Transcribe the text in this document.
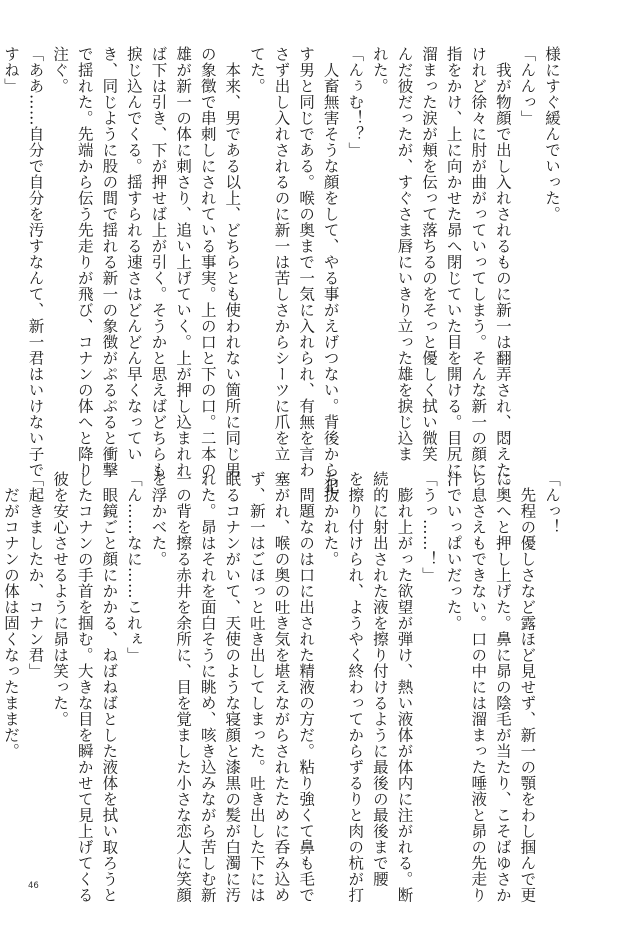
様にすぐ緩んでいった。
「んんっ」
　我が物顔で出し入れされるものに新一は翻弄され、悶えた。
けれど徐々に肘が曲がっていってしまう。そんな新一の顔に
指をかけ、上に向かせた昴へ閉じていた目を開ける。目尻に
溜まった涙が頬を伝って落ちるのをそっと優しく拭い微笑
んだ彼だったが、すぐさま唇にいきり立った雄を捩じ込ま
れた。
「んぅむ！？」
　人畜無害そうな顔をして、やる事がえげつない。背後から犯
す男と同じである。喉の奥まで一気に入れられ、有無を言わ
さず出し入れされるのに新一は苦しさからシーツに爪を立
てた。
　本来、男である以上、どちらとも使われない箇所に同じ男
の象徴で串刺しにされている事実。上の口と下の口。二本の
雄が新一の体に刺さり、追い上げていく。上が押し込まれれ
ば下は引き、下が押せば上が引く。そうかと思えばどちらも
捩じ込んでくる。揺すられる速さはどんどん早くなってい
き、同じように股の間で揺れる新一の象徴がぷるぷると衝撃
で揺れた。先端から伝う先走りが飛び、コナンの体へと降り
注ぐ。
「ああ……自分で自分を汚すなんて、新一君はいけない子で
すね」
「んっ！
　先程の優しさなど露ほど見せず、新一の顎をわし掴んで更
に奥へと押し上げた。鼻に昴の陰毛が当たり、こそばゆさか
ら息さえもできない。口の中には溜まった唾液と昴の先走り
汁でいっぱいだった。
「うっ……！」
　膨れ上がった欲望が弾け、熱い液体が体内に注がれる。断
続的に射出された液を擦り付けるように最後の最後まで腰
を擦り付けられ、ようやく終わってからずるりと肉の杭が打
ち抜かれた。
　問題なのは口に出された精液の方だ。粘り強くて鼻も毛で
塞がれ、喉の奥の吐き気を堪えながらされたために呑み込め
ず、新一はごほっと吐き出してしまった。吐き出した下には
眠るコナンがいて、天使のような寝顔と漆黒の髪が白濁に汚
れた。昴はそれを面白そうに眺め、咳き込みながら苦しむ新
一の背を擦る赤井を余所に、目を覚ました小さな恋人に笑顔
を浮かべた。
「ん……なに……これぇ」
　眼鏡ごと顔にかかる、ねばねばとした液体を拭い取ろうと
したコナンの手首を掴む。大きな目を瞬かせて見上げてくる
彼を安心させるように昴は笑った。
「起きましたか、コナン君」
　だがコナンの体は固くなったままだ。
46
